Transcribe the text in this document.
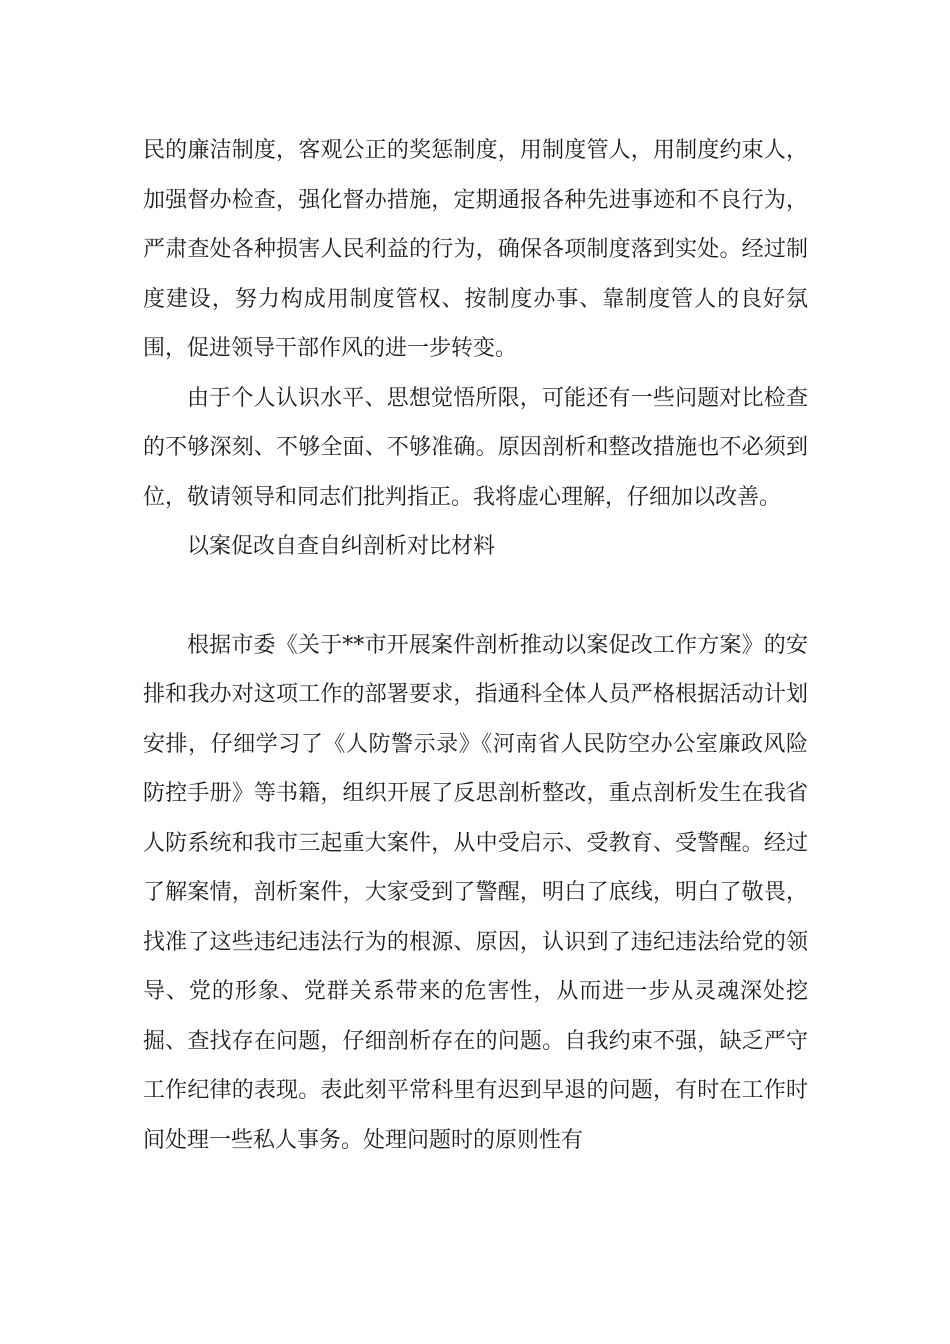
民的廉洁制度，客观公正的奖惩制度，用制度管人，用制度约束人，加强督办检查，强化督办措施，定期通报各种先进事迹和不良行为，严肃查处各种损害人民利益的行为，确保各项制度落到实处。经过制度建设，努力构成用制度管权、按制度办事、靠制度管人的良好氛围，促进领导干部作风的进一步转变。

由于个人认识水平、思想觉悟所限，可能还有一些问题对比检查的不够深刻、不够全面、不够准确。原因剖析和整改措施也不必须到位，敬请领导和同志们批判指正。我将虚心理解，仔细加以改善。

以案促改自查自纠剖析对比材料

根据市委《关于**市开展案件剖析推动以案促改工作方案》的安排和我办对这项工作的部署要求，指通科全体人员严格根据活动计划安排，仔细学习了《人防警示录》《河南省人民防空办公室廉政风险防控手册》等书籍，组织开展了反思剖析整改，重点剖析发生在我省人防系统和我市三起重大案件，从中受启示、受教育、受警醒。经过了解案情，剖析案件，大家受到了警醒，明白了底线，明白了敬畏，找准了这些违纪违法行为的根源、原因，认识到了违纪违法给党的领导、党的形象、党群关系带来的危害性，从而进一步从灵魂深处挖掘、查找存在问题，仔细剖析存在的问题。自我约束不强，缺乏严守工作纪律的表现。表此刻平常科里有迟到早退的问题，有时在工作时间处理一些私人事务。处理问题时的原则性有
